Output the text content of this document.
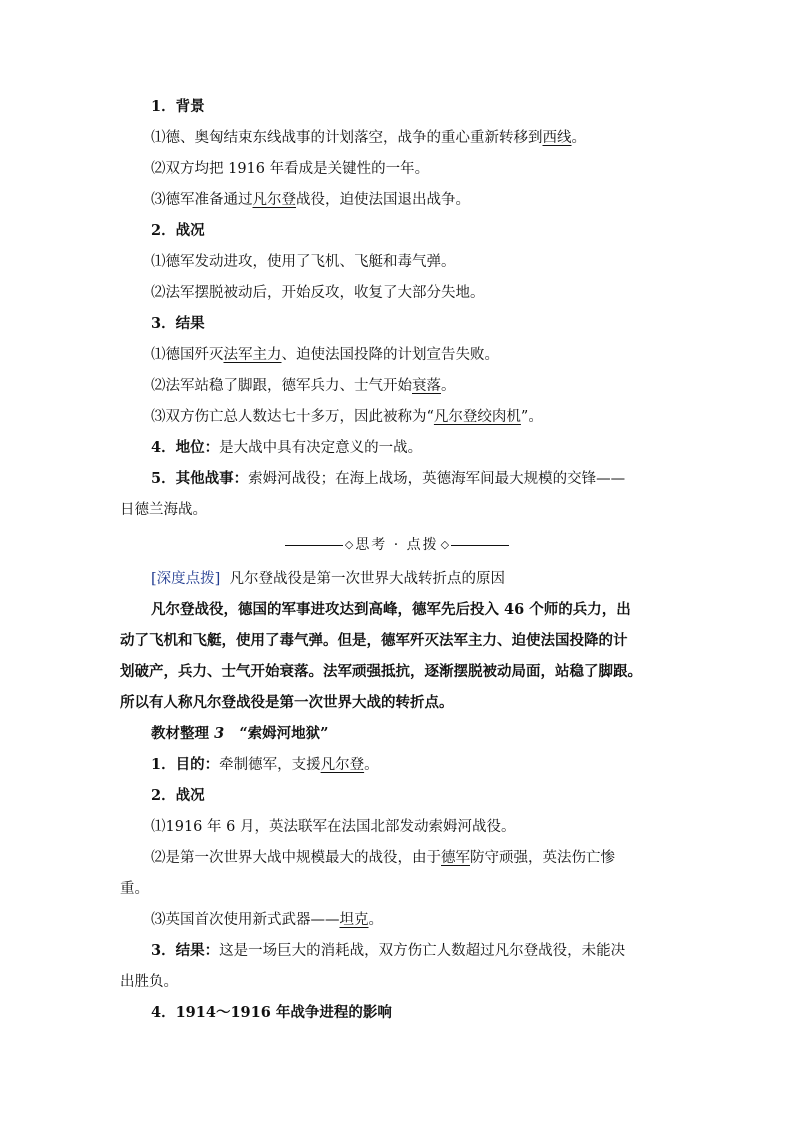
1．背景
⑴德、奥匈结束东线战事的计划落空，战争的重心重新转移到西线。
⑵双方均把 1916 年看成是关键性的一年。
⑶德军准备通过凡尔登战役，迫使法国退出战争。
2．战况
⑴德军发动进攻，使用了飞机、飞艇和毒气弹。
⑵法军摆脱被动后，开始反攻，收复了大部分失地。
3．结果
⑴德国歼灭法军主力、迫使法国投降的计划宣告失败。
⑵法军站稳了脚跟，德军兵力、士气开始衰落。
⑶双方伤亡总人数达七十多万，因此被称为“凡尔登绞肉机”。
4．地位：是大战中具有决定意义的一战。
5．其他战事：索姆河战役；在海上战场，英德海军间最大规模的交锋——
日德兰海战。
◇ 思考 · 点拨 ◇
[深度点拨] 凡尔登战役是第一次世界大战转折点的原因
凡尔登战役，德国的军事进攻达到高峰，德军先后投入 46 个师的兵力，出
动了飞机和飞艇，使用了毒气弹。但是，德军歼灭法军主力、迫使法国投降的计
划破产，兵力、士气开始衰落。法军顽强抵抗，逐渐摆脱被动局面，站稳了脚跟。
所以有人称凡尔登战役是第一次世界大战的转折点。
教材整理 3 “索姆河地狱”
1．目的：牵制德军，支援凡尔登。
2．战况
⑴1916 年 6 月，英法联军在法国北部发动索姆河战役。
⑵是第一次世界大战中规模最大的战役，由于德军防守顽强，英法伤亡惨
重。
⑶英国首次使用新式武器——坦克。
3．结果：这是一场巨大的消耗战，双方伤亡人数超过凡尔登战役，未能决
出胜负。
4．1914～1916 年战争进程的影响
